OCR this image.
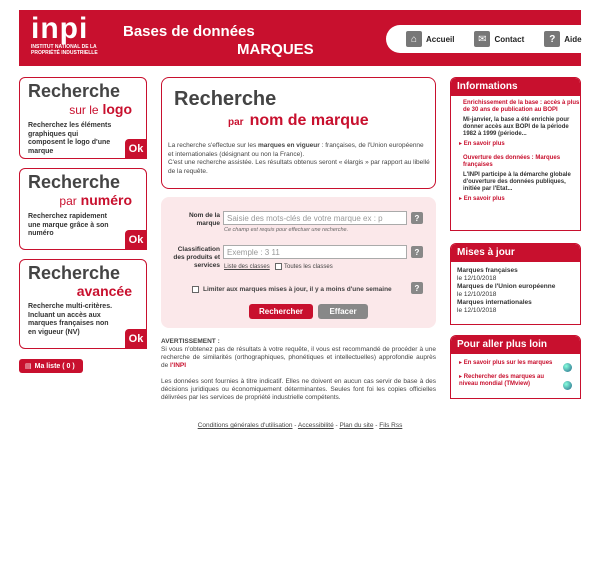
inpi
INSTITUT NATIONAL DE LA PROPRIÉTÉ INDUSTRIELLE
Bases de données
MARQUES
⌂	Accueil	✉ Contact	?	Aide
Recherche
sur le logo
Recherchez les éléments graphiques qui composent le logo d'une marque	Ok
Recherche
par numéro
Recherchez rapidement une marque grâce à son numéro
Ok
Recherche
avancée
Recherche multi-critères. Incluant un accès aux marques françaises non en vigueur (NV)
Ok
▤ Ma liste ( 0 )
Recherche
par nom de marque
La recherche s'effectue sur les marques en vigueur : françaises, de l'Union européenne et internationales (désignant ou non la France).
C'est une recherche assistée. Les résultats obtenus seront « élargis » par rapport au libellé de la requête.
Nom de la marque
Saisie des mots-clés de votre marque ex : p	?
Ce champ est requis pour effectuer une recherche.
Classification des produits et services
Exemple : 3 11	?
Liste des classes Toutes les classes
Limiter aux marques mises à jour, il y a moins d'une semaine	?
Rechercher	Effacer
AVERTISSEMENT :
Si vous n'obtenez pas de résultats à votre requête, il vous est recommandé de procéder à une recherche de similarités (orthographiques, phonétiques et intellectuelles) approfondie auprès de l'INPI

Les données sont fournies à titre indicatif. Elles ne doivent en aucun cas servir de base à des décisions juridiques ou économiquement déterminantes. Seules font foi les copies officielles délivrées par les services de propriété industrielle compétents.
Conditions générales d'utilisation - Accessibilité - Plan du site - Fils Rss
Informations
Enrichissement de la base : accès à plus de 30 ans de publication au BOPI
Mi-janvier, la base a été enrichie pour donner accès aux BOPI de la période 1982 à 1999 (période...
▸ En savoir plus
Ouverture des données : Marques françaises
L'INPI participe à la démarche globale d'ouverture des données publiques, initiée par l'Etat...
▸ En savoir plus
Mises à jour
Marques françaises
le 12/10/2018
Marques de l'Union européenne
le 12/10/2018
Marques internationales
le 12/10/2018
Pour aller plus loin
▸ En savoir plus sur les marques
▸ Rechercher des marques au niveau mondial (TMview)
